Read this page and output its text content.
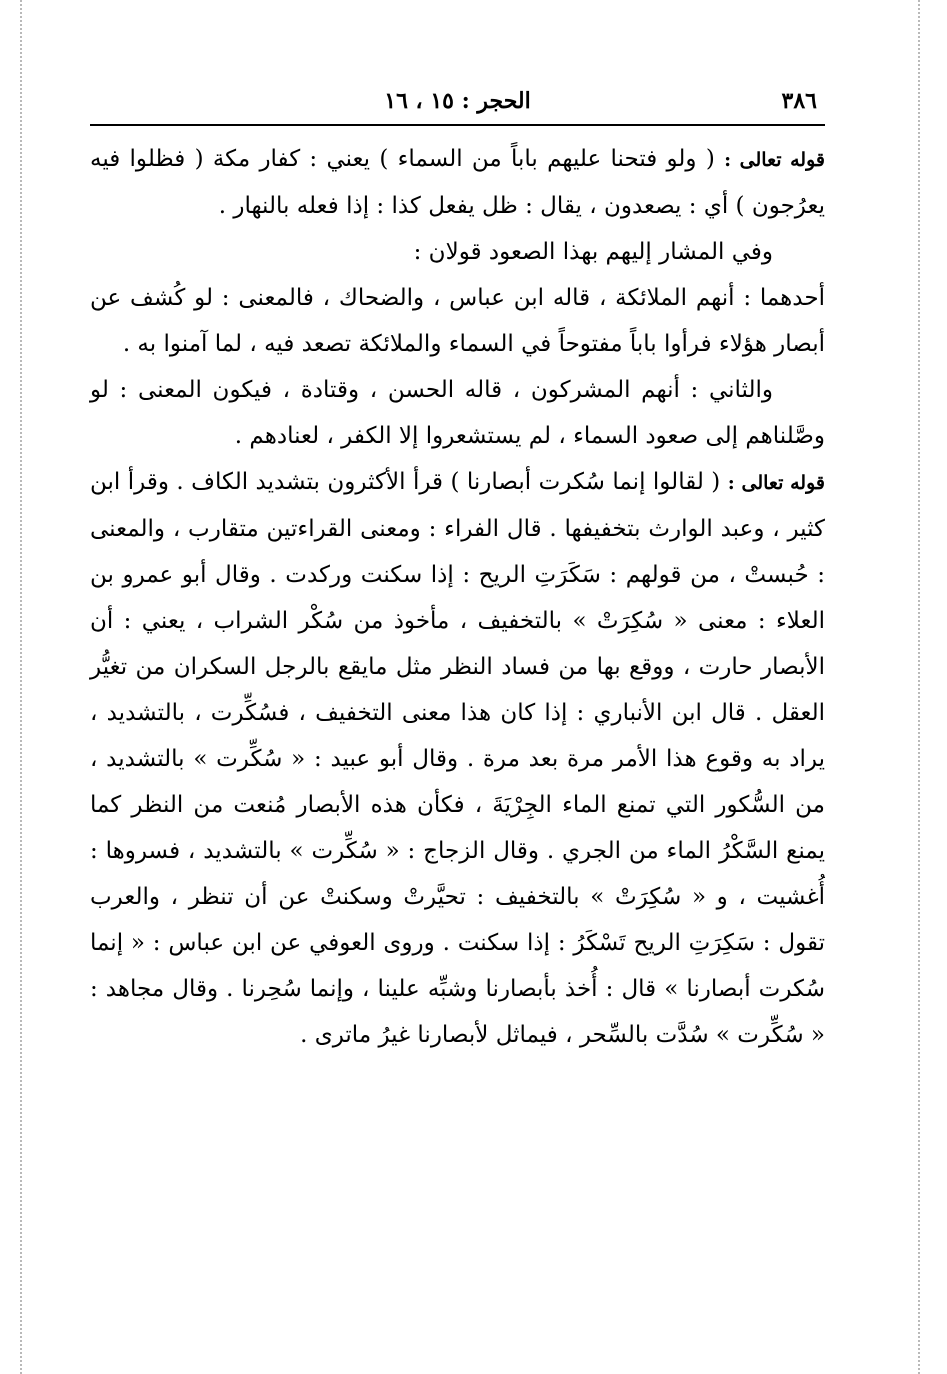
٣٨٦
الحجر : ١٥ ، ١٦

قوله تعالى : ( ولو فتحنا عليهم باباً من السماء ) يعني : كفار مكة ( فظلوا فيه يعرُجون ) أي : يصعدون ، يقال : ظل يفعل كذا : إذا فعله بالنهار .

وفي المشار إليهم بهذا الصعود قولان :

أحدهما : أنهم الملائكة ، قاله ابن عباس ، والضحاك ، فالمعنى : لو كُشف عن أبصار هؤلاء فرأوا باباً مفتوحاً في السماء والملائكة تصعد فيه ، لما آمنوا به .

والثاني : أنهم المشركون ، قاله الحسن ، وقتادة ، فيكون المعنى : لو وصَّلناهم إلى صعود السماء ، لم يستشعروا إلا الكفر ، لعنادهم .

قوله تعالى : ( لقالوا إنما سُكرت أبصارنا ) قرأ الأكثرون بتشديد الكاف . وقرأ ابن كثير ، وعبد الوارث بتخفيفها . قال الفراء : ومعنى القراءتين متقارب ، والمعنى : حُبستْ ، من قولهم : سَكَرَتِ الريح : إذا سكنت وركدت . وقال أبو عمرو بن العلاء : معنى « سُكِرَتْ » بالتخفيف ، مأخوذ من سُكْر الشراب ، يعني : أن الأبصار حارت ، ووقع بها من فساد النظر مثل مايقع بالرجل السكران من تغيُّر العقل . قال ابن الأنباري : إذا كان هذا معنى التخفيف ، فسُكِّرت ، بالتشديد ، يراد به وقوع هذا الأمر مرة بعد مرة . وقال أبو عبيد : « سُكِّرت » بالتشديد ، من السُّكور التي تمنع الماء الجِرْيَةَ ، فكأن هذه الأبصار مُنعت من النظر كما يمنع السَّكْرُ الماء من الجري . وقال الزجاج : « سُكِّرت » بالتشديد ، فسروها : أُغشيت ، و « سُكِرَتْ » بالتخفيف : تحيَّرتْ وسكنتْ عن أن تنظر ، والعرب تقول : سَكِرَتِ الريح تَسْكَرُ : إذا سكنت . وروى العوفي عن ابن عباس : « إنما سُكرت أبصارنا » قال : أُخذ بأبصارنا وشبِّه علينا ، وإنما سُحِرنا . وقال مجاهد : « سُكِّرت » سُدَّت بالسِّحر ، فيماثل لأبصارنا غيرُ ماترى .
